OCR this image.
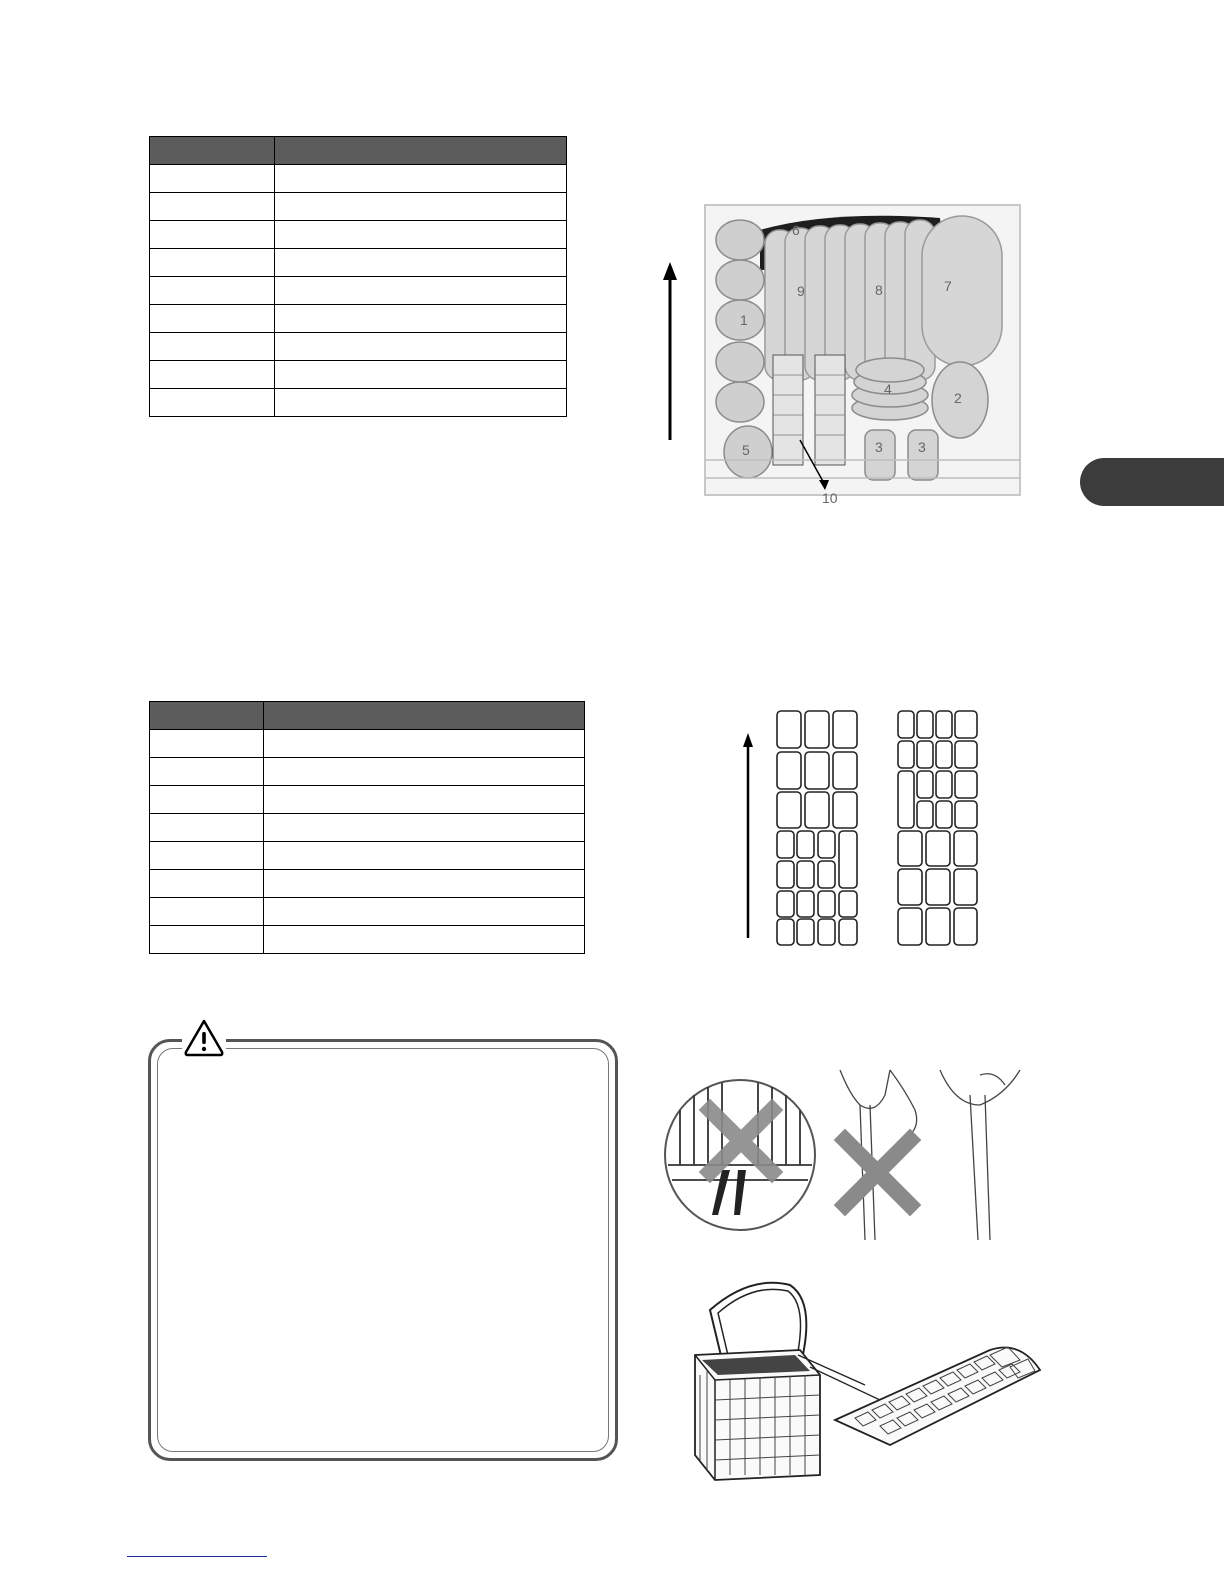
1
2
3	3
4
5
6
7
8
9
10
